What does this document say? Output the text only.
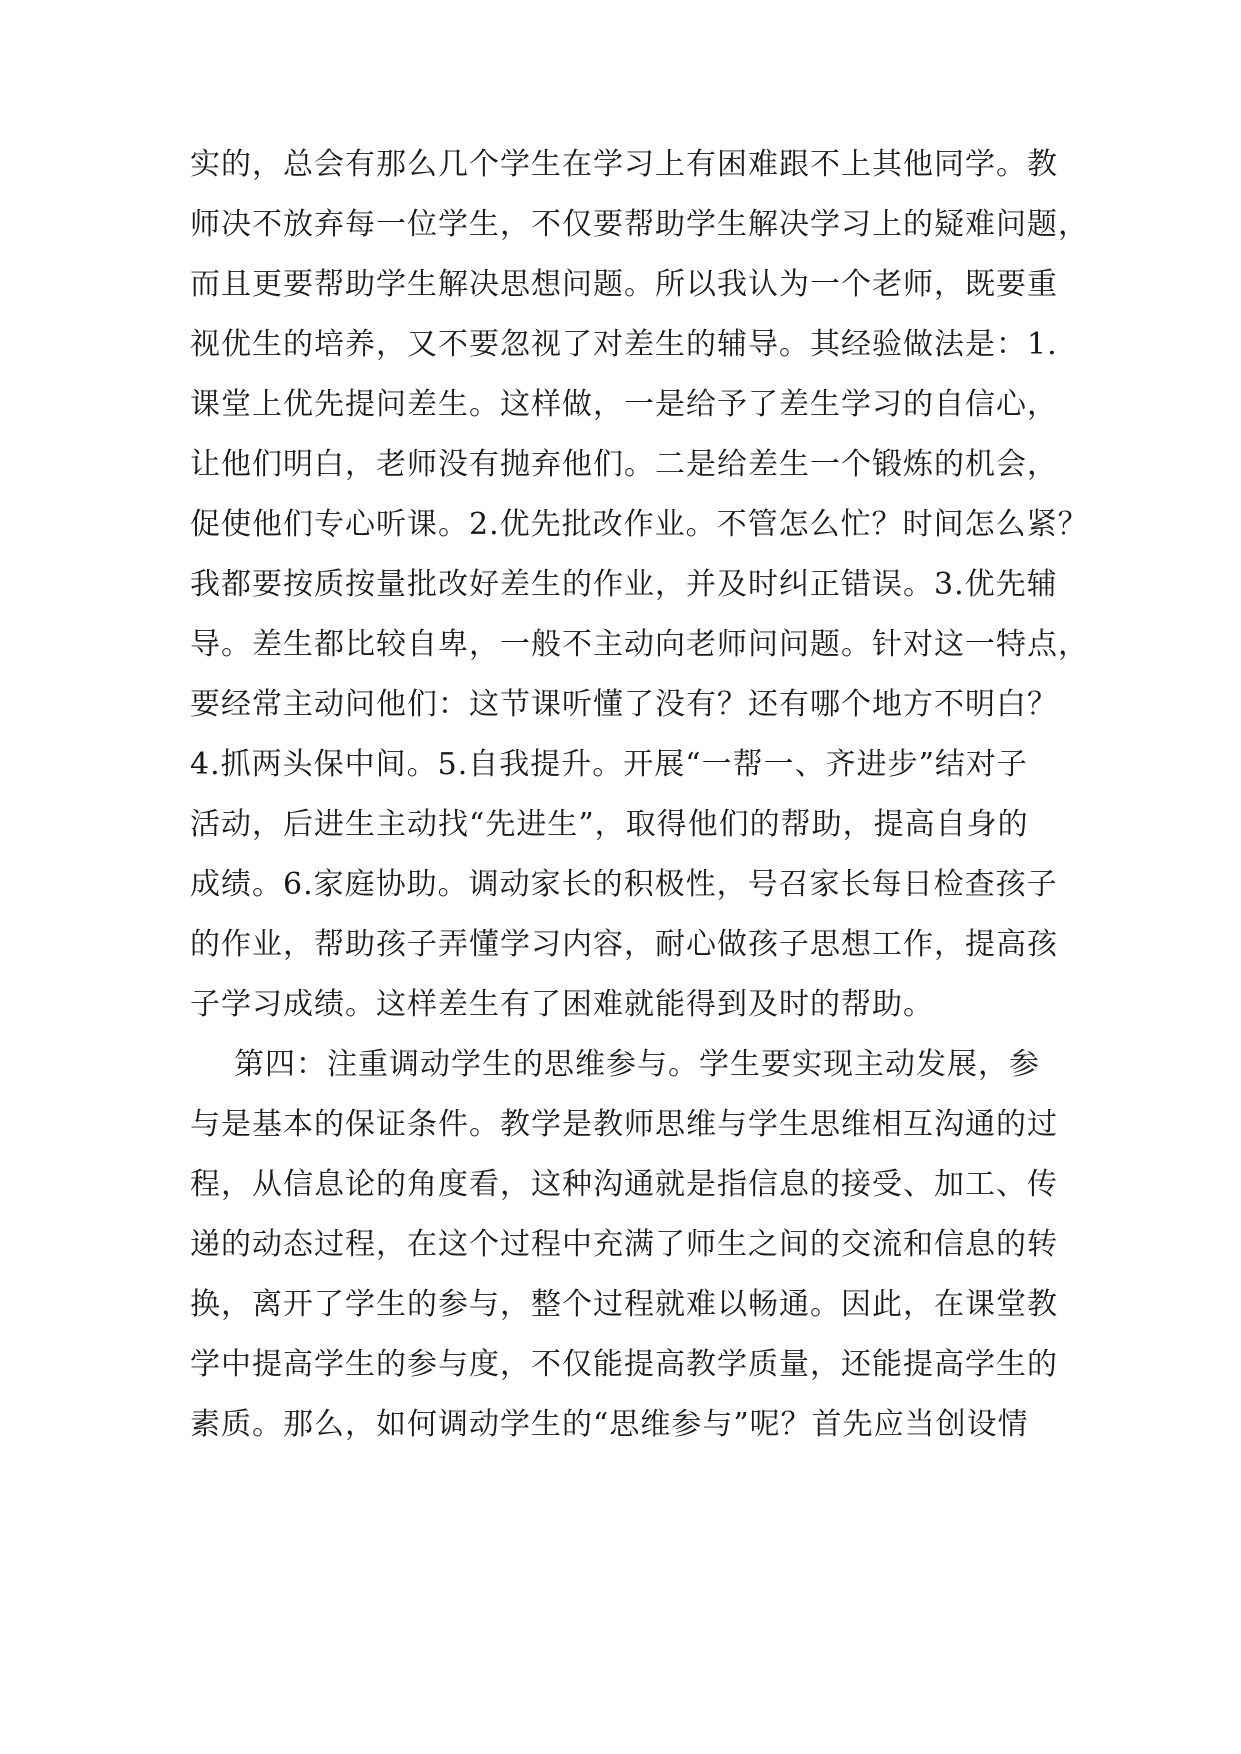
实的，总会有那么几个学生在学习上有困难跟不上其他同学。教
师决不放弃每一位学生，不仅要帮助学生解决学习上的疑难问题，
而且更要帮助学生解决思想问题。所以我认为一个老师，既要重
视优生的培养，又不要忽视了对差生的辅导。其经验做法是：1.
课堂上优先提问差生。这样做，一是给予了差生学习的自信心，
让他们明白，老师没有抛弃他们。二是给差生一个锻炼的机会，
促使他们专心听课。2.优先批改作业。不管怎么忙？时间怎么紧？
我都要按质按量批改好差生的作业，并及时纠正错误。3.优先辅
导。差生都比较自卑，一般不主动向老师问问题。针对这一特点，
要经常主动问他们：这节课听懂了没有？还有哪个地方不明白？
4.抓两头保中间。5.自我提升。开展“一帮一、齐进步”结对子
活动，后进生主动找“先进生”，取得他们的帮助，提高自身的
成绩。6.家庭协助。调动家长的积极性，号召家长每日检查孩子
的作业，帮助孩子弄懂学习内容，耐心做孩子思想工作，提高孩
子学习成绩。这样差生有了困难就能得到及时的帮助。
第四：注重调动学生的思维参与。学生要实现主动发展，参
与是基本的保证条件。教学是教师思维与学生思维相互沟通的过
程，从信息论的角度看，这种沟通就是指信息的接受、加工、传
递的动态过程，在这个过程中充满了师生之间的交流和信息的转
换，离开了学生的参与，整个过程就难以畅通。因此，在课堂教
学中提高学生的参与度，不仅能提高教学质量，还能提高学生的
素质。那么，如何调动学生的“思维参与”呢？首先应当创设情
